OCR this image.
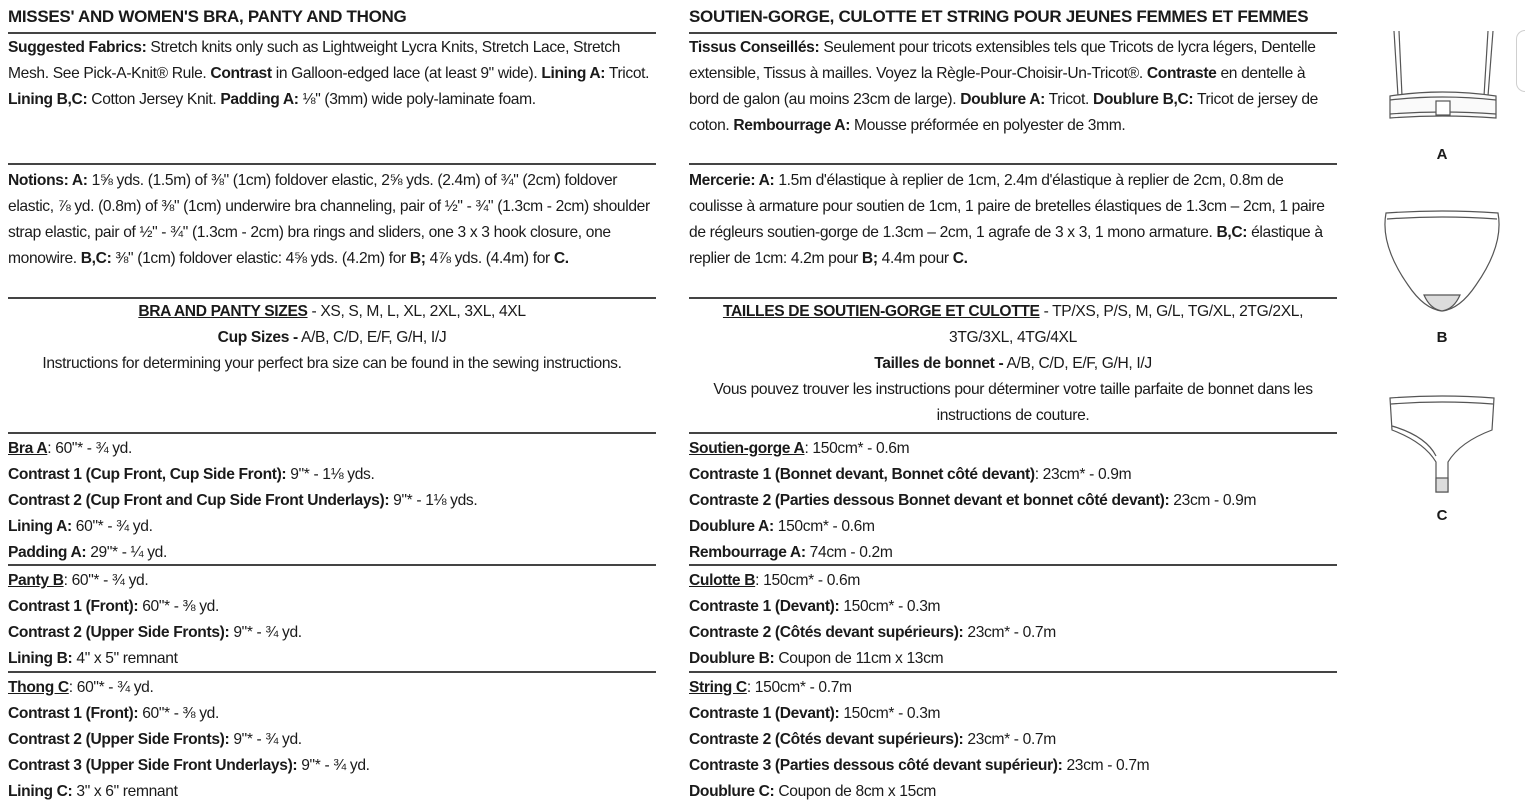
MISSES' AND WOMEN'S BRA, PANTY AND THONG
Suggested Fabrics: Stretch knits only such as Lightweight Lycra Knits, Stretch Lace, Stretch Mesh. See Pick-A-Knit® Rule. Contrast in Galloon-edged lace (at least 9" wide). Lining A: Tricot. Lining B,C: Cotton Jersey Knit. Padding A: ⅛" (3mm) wide poly-laminate foam.
Notions: A: 1⅝ yds. (1.5m) of ⅜" (1cm) foldover elastic, 2⅝ yds. (2.4m) of ¾" (2cm) foldover elastic, ⅞ yd. (0.8m) of ⅜" (1cm) underwire bra channeling, pair of ½" - ¾" (1.3cm - 2cm) shoulder strap elastic, pair of ½" - ¾" (1.3cm - 2cm) bra rings and sliders, one 3 x 3 hook closure, one monowire. B,C: ⅜" (1cm) foldover elastic: 4⅝ yds. (4.2m) for B; 4⅞ yds. (4.4m) for C.
BRA AND PANTY SIZES - XS, S, M, L, XL, 2XL, 3XL, 4XL
Cup Sizes - A/B, C/D, E/F, G/H, I/J
Instructions for determining your perfect bra size can be found in the sewing instructions.
Bra A: 60"* - ¾ yd.
Contrast 1 (Cup Front, Cup Side Front): 9"* - 1⅛ yds.
Contrast 2 (Cup Front and Cup Side Front Underlays): 9"* - 1⅛ yds.
Lining A: 60"* - ¾ yd.
Padding A: 29"* - ¼ yd.
Panty B: 60"* - ¾ yd.
Contrast 1 (Front): 60"* - ⅜ yd.
Contrast 2 (Upper Side Fronts): 9"* - ¾ yd.
Lining B: 4" x 5" remnant
Thong C: 60"* - ¾ yd.
Contrast 1 (Front): 60"* - ⅜ yd.
Contrast 2 (Upper Side Fronts): 9"* - ¾ yd.
Contrast 3 (Upper Side Front Underlays): 9"* - ¾ yd.
Lining C: 3" x 6" remnant
SOUTIEN-GORGE, CULOTTE ET STRING POUR JEUNES FEMMES ET FEMMES
Tissus Conseillés: Seulement pour tricots extensibles tels que Tricots de lycra légers, Dentelle extensible, Tissus à mailles. Voyez la Règle-Pour-Choisir-Un-Tricot®. Contraste en dentelle à bord de galon (au moins 23cm de large). Doublure A: Tricot. Doublure B,C: Tricot de jersey de coton. Rembourrage A: Mousse préformée en polyester de 3mm.
Mercerie: A: 1.5m d'élastique à replier de 1cm, 2.4m d'élastique à replier de 2cm, 0.8m de coulisse à armature pour soutien de 1cm, 1 paire de bretelles élastiques de 1.3cm – 2cm, 1 paire de régleurs soutien-gorge de 1.3cm – 2cm, 1 agrafe de 3 x 3, 1 mono armature. B,C: élastique à replier de 1cm: 4.2m pour B; 4.4m pour C.
TAILLES DE SOUTIEN-GORGE ET CULOTTE - TP/XS, P/S, M, G/L, TG/XL, 2TG/2XL, 3TG/3XL, 4TG/4XL
Tailles de bonnet - A/B, C/D, E/F, G/H, I/J
Vous pouvez trouver les instructions pour déterminer votre taille parfaite de bonnet dans les instructions de couture.
Soutien-gorge A: 150cm* - 0.6m
Contraste 1 (Bonnet devant, Bonnet côté devant): 23cm* - 0.9m
Contraste 2 (Parties dessous Bonnet devant et bonnet côté devant): 23cm - 0.9m
Doublure A: 150cm* - 0.6m
Rembourrage A: 74cm - 0.2m
Culotte B: 150cm* - 0.6m
Contraste 1 (Devant): 150cm* - 0.3m
Contraste 2 (Côtés devant supérieurs): 23cm* - 0.7m
Doublure B: Coupon de 11cm x 13cm
String C: 150cm* - 0.7m
Contraste 1 (Devant): 150cm* - 0.3m
Contraste 2 (Côtés devant supérieurs): 23cm* - 0.7m
Contraste 3 (Parties dessous côté devant supérieur): 23cm - 0.7m
Doublure C: Coupon de 8cm x 15cm
A
B
C
